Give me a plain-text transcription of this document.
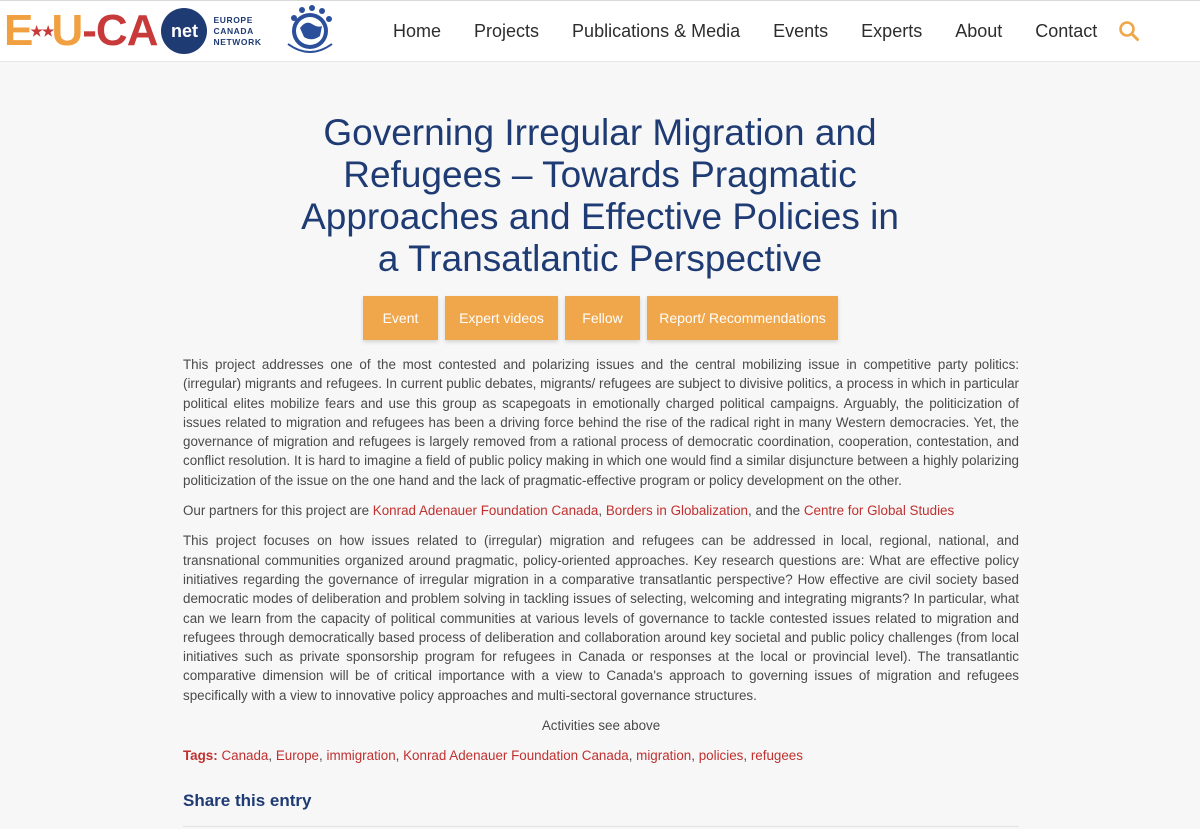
E
★★
U - C A net
EUROPE
CANADA
NETWORK
Home Projects Publications & Media Events Experts About Contact
Governing Irregular Migration and Refugees – Towards Pragmatic Approaches and Effective Policies in a Transatlantic Perspective
Event	Expert videos	Fellow	Report/ Recommendations

This project addresses one of the most contested and polarizing issues and the central mobilizing issue in competitive party politics: (irregular) migrants and refugees. In current public debates, migrants/ refugees are subject to divisive politics, a process in which in particular political elites mobilize fears and use this group as scapegoats in emotionally charged political campaigns. Arguably, the politicization of issues related to migration and refugees has been a driving force behind the rise of the radical right in many Western democracies. Yet, the governance of migration and refugees is largely removed from a rational process of democratic coordination, cooperation, contestation, and conflict resolution. It is hard to imagine a field of public policy making in which one would find a similar disjuncture between a highly polarizing politicization of the issue on the one hand and the lack of pragmatic-effective program or policy development on the other.

Our partners for this project are Konrad Adenauer Foundation Canada, Borders in Globalization, and the Centre for Global Studies

This project focuses on how issues related to (irregular) migration and refugees can be addressed in local, regional, national, and transnational communities organized around pragmatic, policy-oriented approaches. Key research questions are: What are effective policy initiatives regarding the governance of irregular migration in a comparative transatlantic perspective? How effective are civil society based democratic modes of deliberation and problem solving in tackling issues of selecting, welcoming and integrating migrants? In particular, what can we learn from the capacity of political communities at various levels of governance to tackle contested issues related to migration and refugees through democratically based process of deliberation and collaboration around key societal and public policy challenges (from local initiatives such as private sponsorship program for refugees in Canada or responses at the local or provincial level). The transatlantic comparative dimension will be of critical importance with a view to Canada's approach to governing issues of migration and refugees specifically with a view to innovative policy approaches and multi-sectoral governance structures.

Activities see above

Tags: Canada, Europe, immigration, Konrad Adenauer Foundation Canada, migration, policies, refugees

Share this entry
